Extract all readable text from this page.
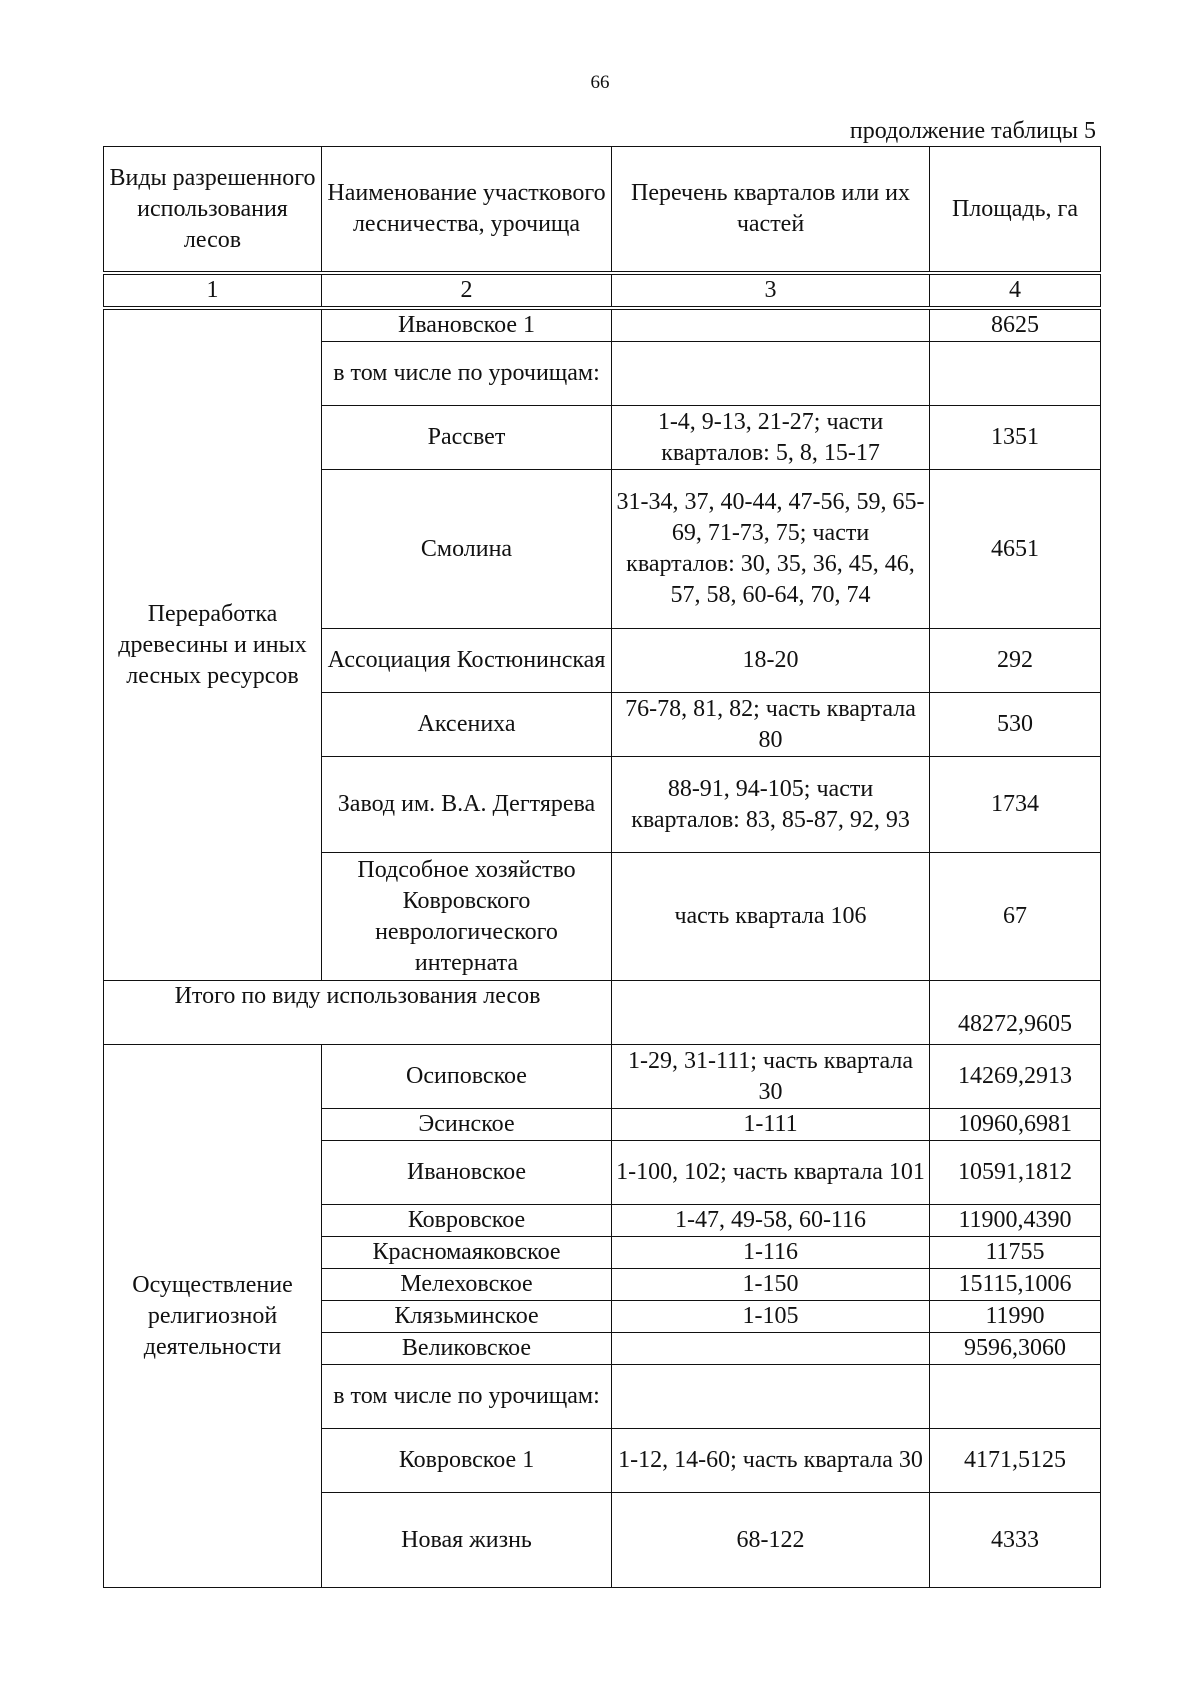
66
продолжение таблицы 5
Виды разрешенного использования лесов	Наименование участкового лесничества, урочища	Перечень кварталов или их частей	Площадь, га
1	2	3	4
Переработка древесины и иных лесных ресурсов	Ивановское 1		8625
	в том числе по урочищам:		
	Рассвет	1-4, 9-13, 21-27; части кварталов: 5, 8, 15-17	1351
	Смолина	31-34, 37, 40-44, 47-56, 59, 65-69, 71-73, 75; части кварталов: 30, 35, 36, 45, 46, 57, 58, 60-64, 70, 74	4651
	Ассоциация Костюнинская	18-20	292
	Аксениха	76-78, 81, 82; часть квартала 80	530
	Завод им. В.А. Дегтярева	88-91, 94-105; части кварталов: 83, 85-87, 92, 93	1734
	Подсобное хозяйство Ковровского неврологического интерната	часть квартала 106	67
Итого по виду использования лесов			48272,9605
Осуществление религиозной деятельности	Осиповское	1-29, 31-111; часть квартала 30	14269,2913
	Эсинское	1-111	10960,6981
	Ивановское	1-100, 102; часть квартала 101	10591,1812
	Ковровское	1-47, 49-58, 60-116	11900,4390
	Красномаяковское	1-116	11755
	Мелеховское	1-150	15115,1006
	Клязьминское	1-105	11990
	Великовское		9596,3060
	в том числе по урочищам:		
	Ковровское 1	1-12, 14-60; часть квартала 30	4171,5125
	Новая жизнь	68-122	4333
